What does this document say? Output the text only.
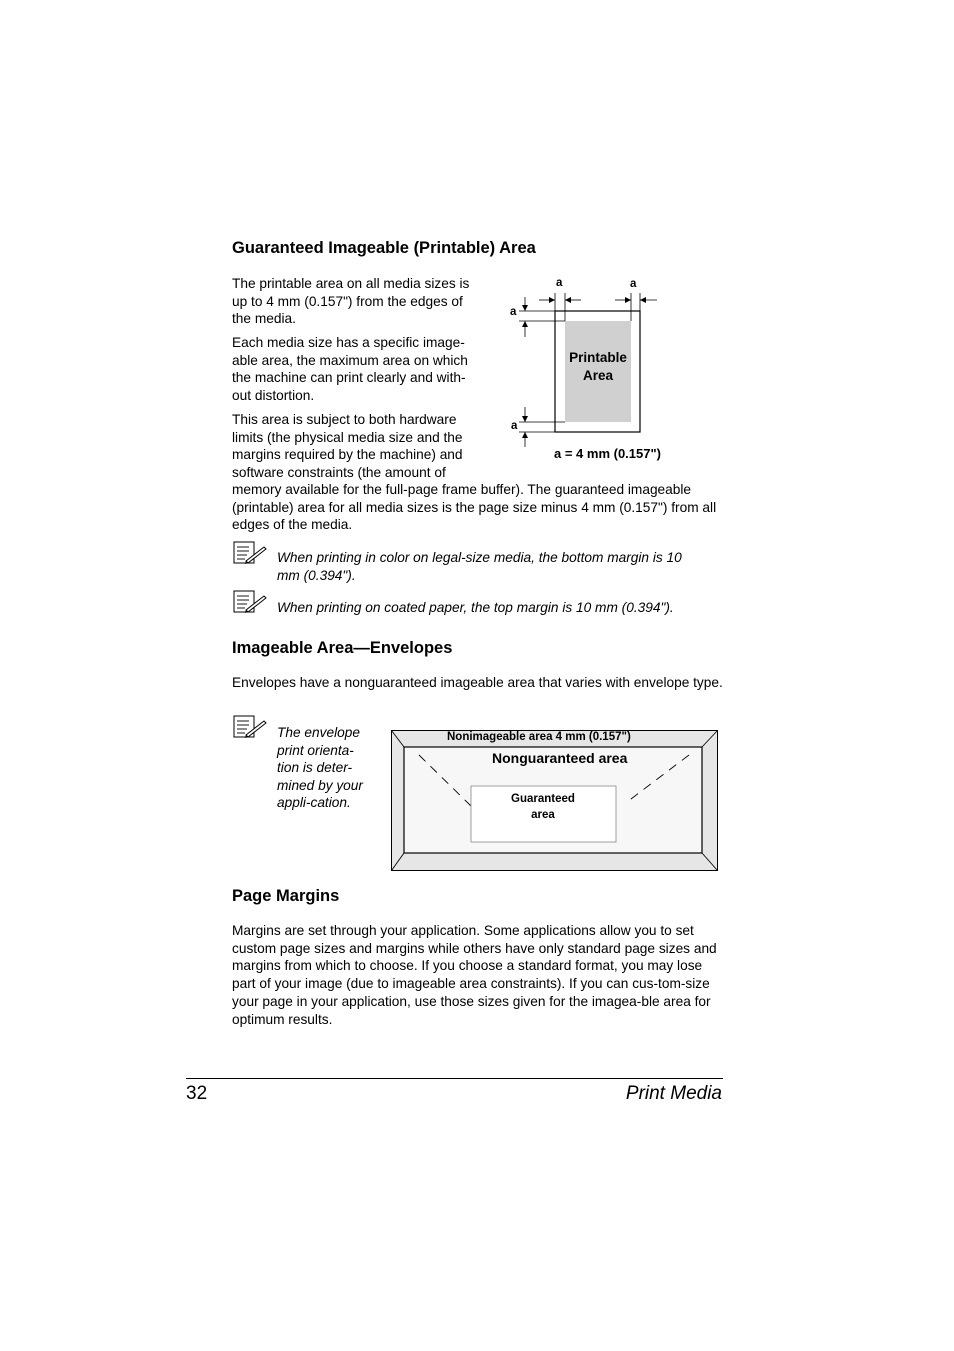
Guaranteed Imageable (Printable) Area

The printable area on all media sizes is up to 4 mm (0.157") from the edges of the media.

Each media size has a specific image-able area, the maximum area on which the machine can print clearly and with-out distortion.

This area is subject to both hardware limits (the physical media size and the margins required by the machine) and software constraints (the amount of

memory available for the full-page frame buffer). The guaranteed imageable (printable) area for all media sizes is the page size minus 4 mm (0.157") from all edges of the media.

a	a
a
a
Printable
Area
a = 4 mm (0.157")

When printing in color on legal-size media, the bottom margin is 10 mm (0.394").

When printing on coated paper, the top margin is 10 mm (0.394").

Imageable Area—Envelopes

Envelopes have a nonguaranteed imageable area that varies with envelope type.

The envelope print orienta-tion is deter-mined by your appli-cation.

Nonimageable area 4 mm (0.157")
Nonguaranteed area
Guaranteed
area
Page Margins

Margins are set through your application. Some applications allow you to set custom page sizes and margins while others have only standard page sizes and margins from which to choose. If you choose a standard format, you may lose part of your image (due to imageable area constraints). If you can cus-tom-size your page in your application, use those sizes given for the imagea-ble area for optimum results.

32	Print Media
